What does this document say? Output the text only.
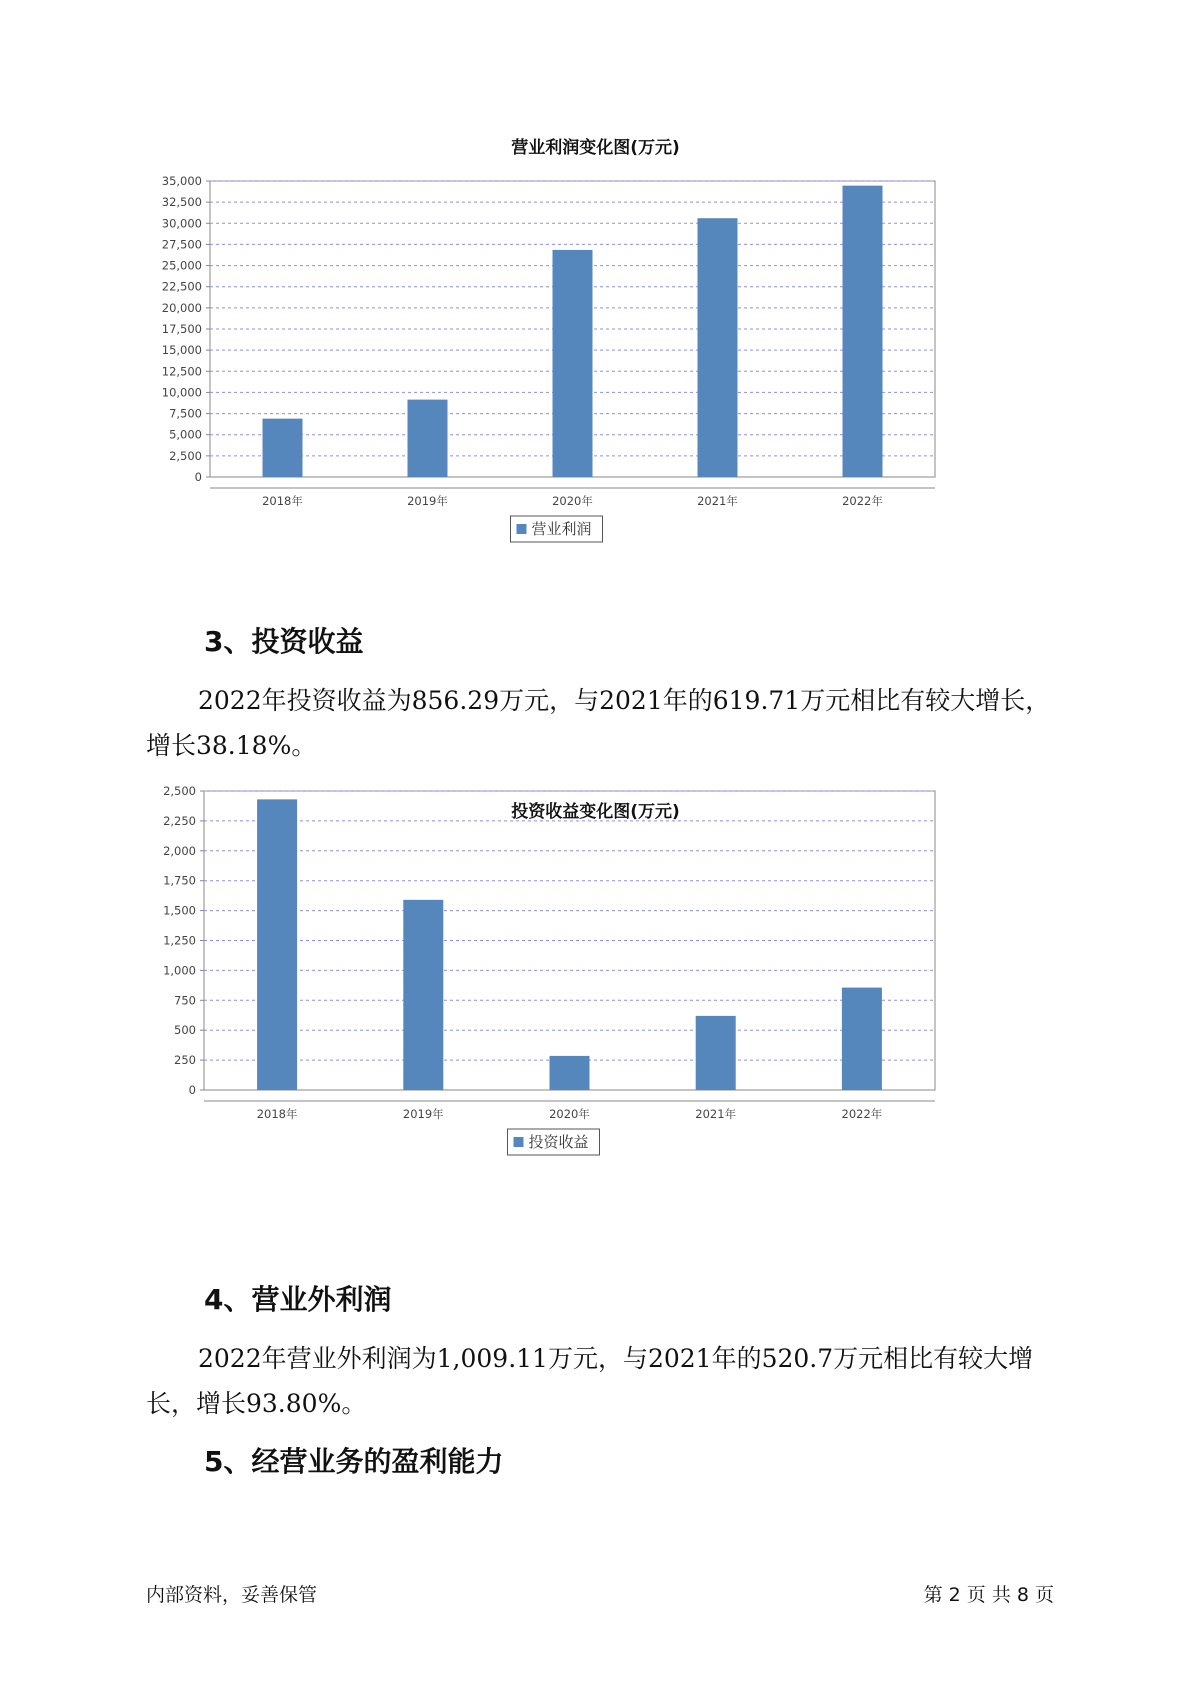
营业利润变化图(万元)
0
2,500
5,000
7,500
10,000
12,500
15,000
17,500
20,000
22,500
25,000
27,500
30,000
32,500
35,000
2018年	2019年	2020年	2021年	2022年
营业利润
3、投资收益

2022年投资收益为856.29万元，与2021年的619.71万元相比有较大增长，增长38.18%。

投资收益变化图(万元)
0
250
500
750
1,000
1,250
1,500
1,750
2,000
2,250
2,500
2018年	2019年	2020年	2021年	2022年
投资收益
4、营业外利润

2022年营业外利润为1,009.11万元，与2021年的520.7万元相比有较大增长，增长93.80%。

5、经营业务的盈利能力
内部资料，妥善保管	第 2 页 共 8 页
